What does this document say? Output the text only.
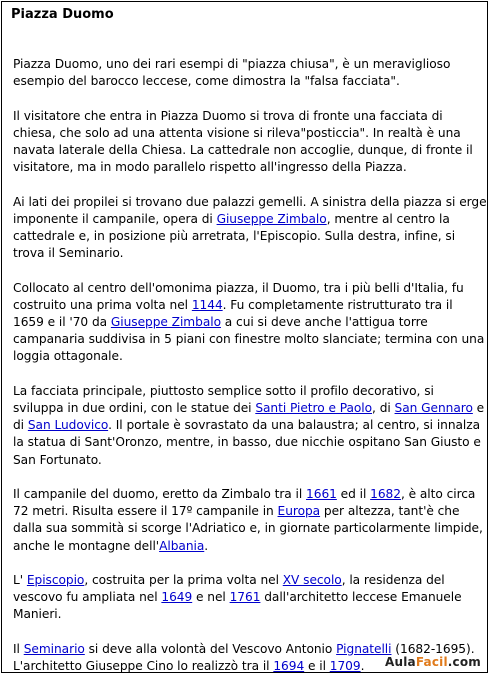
Piazza Duomo

Piazza Duomo, uno dei rari esempi di "piazza chiusa", è un meraviglioso esempio del barocco leccese, come dimostra la "falsa facciata".

Il visitatore che entra in Piazza Duomo si trova di fronte una facciata di chiesa, che solo ad una attenta visione si rileva"posticcia". In realtà è una navata laterale della Chiesa. La cattedrale non accoglie, dunque, di fronte il visitatore, ma in modo parallelo rispetto all'ingresso della Piazza.

Ai lati dei propilei si trovano due palazzi gemelli. A sinistra della piazza si erge imponente il campanile, opera di Giuseppe Zimbalo, mentre al centro la cattedrale e, in posizione più arretrata, l'Episcopio. Sulla destra, infine, si trova il Seminario.

Collocato al centro dell'omonima piazza, il Duomo, tra i più belli d'Italia, fu costruito una prima volta nel 1144. Fu completamente ristrutturato tra il 1659 e il '70 da Giuseppe Zimbalo a cui si deve anche l'attigua torre campanaria suddivisa in 5 piani con finestre molto slanciate; termina con una loggia ottagonale.

La facciata principale, piuttosto semplice sotto il profilo decorativo, si sviluppa in due ordini, con le statue dei Santi Pietro e Paolo, di San Gennaro e di San Ludovico. Il portale è sovrastato da una balaustra; al centro, si innalza la statua di Sant'Oronzo, mentre, in basso, due nicchie ospitano San Giusto e San Fortunato.

Il campanile del duomo, eretto da Zimbalo tra il 1661 ed il 1682, è alto circa 72 metri. Risulta essere il 17º campanile in Europa per altezza, tant'è che dalla sua sommità si scorge l'Adriatico e, in giornate particolarmente limpide, anche le montagne dell'Albania.

L' Episcopio, costruita per la prima volta nel XV secolo, la residenza del vescovo fu ampliata nel 1649 e nel 1761 dall'architetto leccese Emanuele Manieri.

Il Seminario si deve alla volontà del Vescovo Antonio Pignatelli (1682-1695). L'architetto Giuseppe Cino lo realizzò tra il 1694 e il 1709.	AulaFacil.com
